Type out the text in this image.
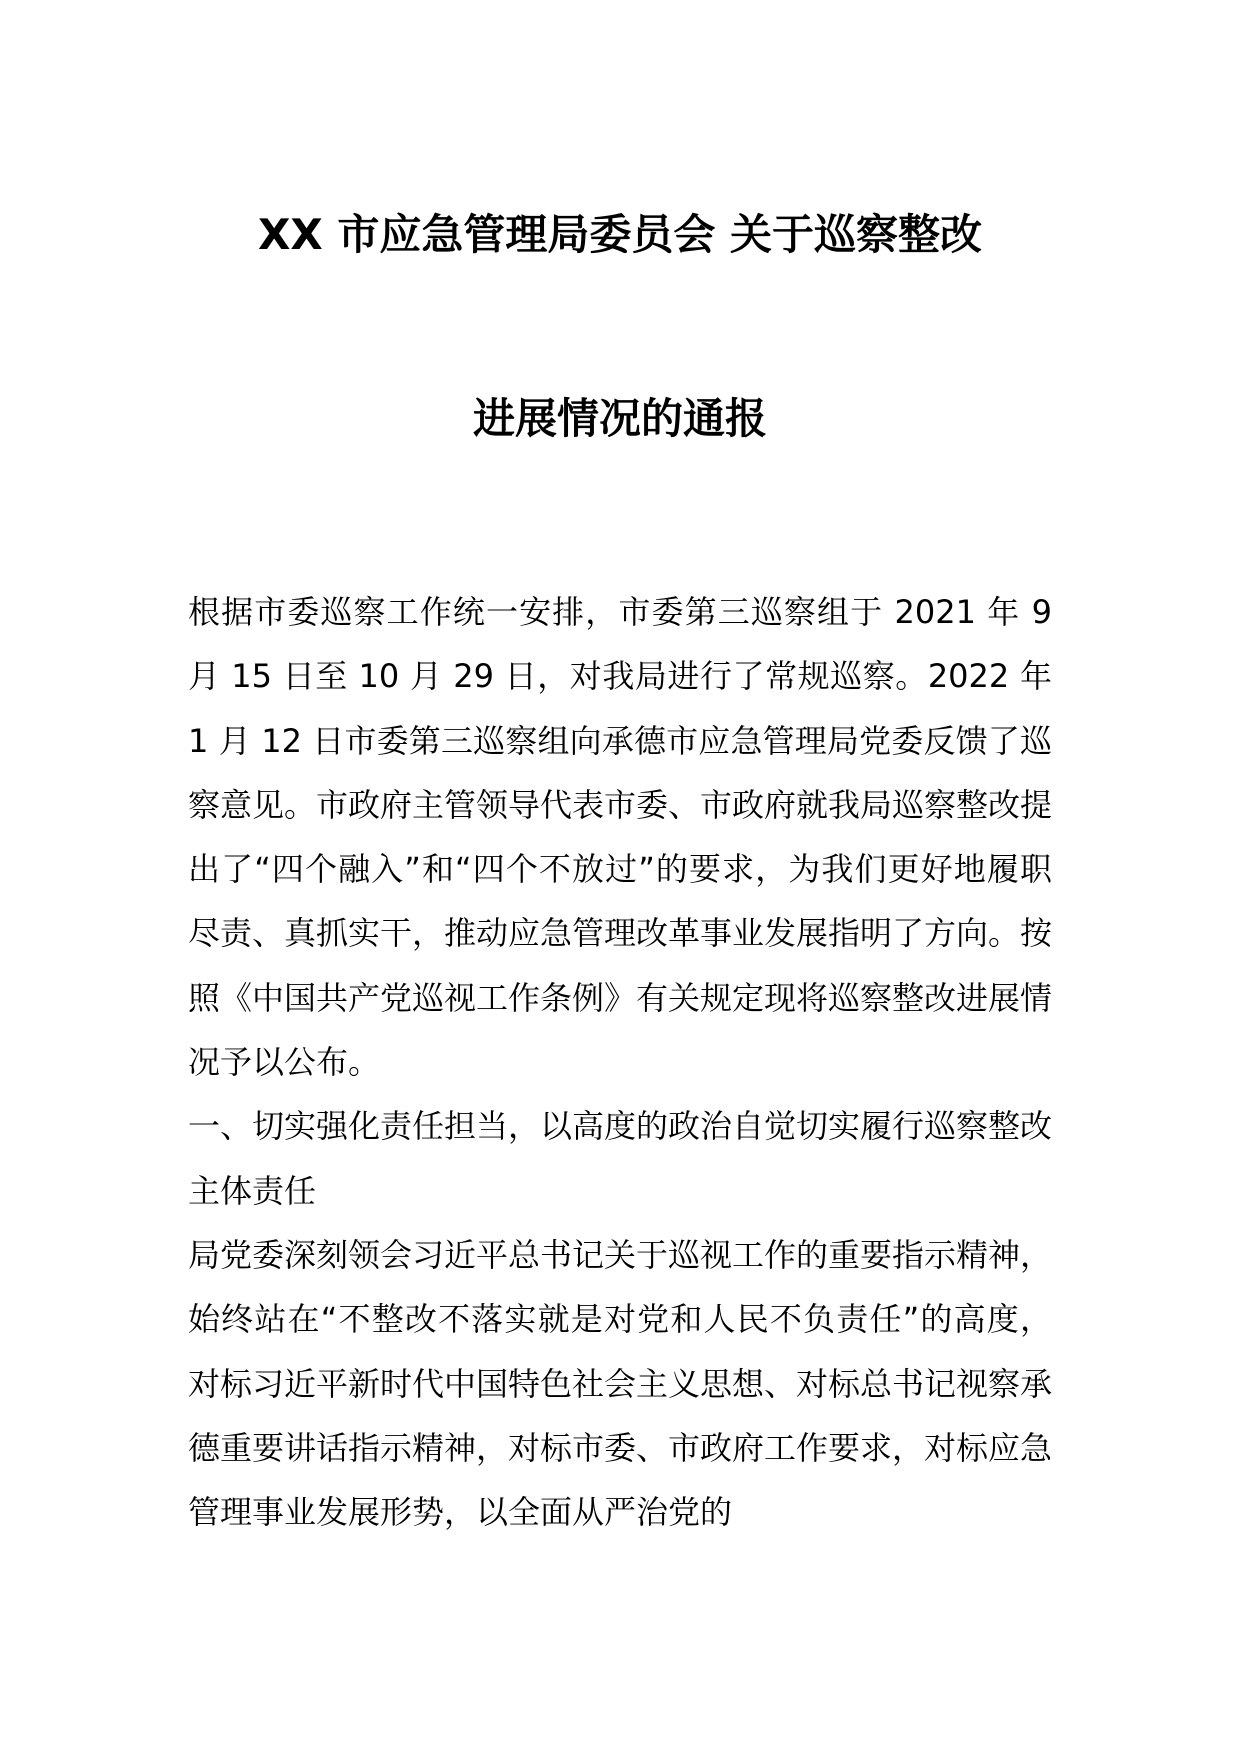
XX 市应急管理局委员会 关于巡察整改
进展情况的通报

根据市委巡察工作统一安排，市委第三巡察组于 2021 年 9 月 15 日至 10 月 29 日，对我局进行了常规巡察。2022 年 1 月 12 日市委第三巡察组向承德市应急管理局党委反馈了巡察意见。市政府主管领导代表市委、市政府就我局巡察整改提出了“四个融入”和“四个不放过”的要求，为我们更好地履职尽责、真抓实干，推动应急管理改革事业发展指明了方向。按照《中国共产党巡视工作条例》有关规定现将巡察整改进展情况予以公布。

一、切实强化责任担当，以高度的政治自觉切实履行巡察整改主体责任

局党委深刻领会习近平总书记关于巡视工作的重要指示精神，始终站在“不整改不落实就是对党和人民不负责任”的高度，对标习近平新时代中国特色社会主义思想、对标总书记视察承德重要讲话指示精神，对标市委、市政府工作要求，对标应急管理事业发展形势，以全面从严治党的
